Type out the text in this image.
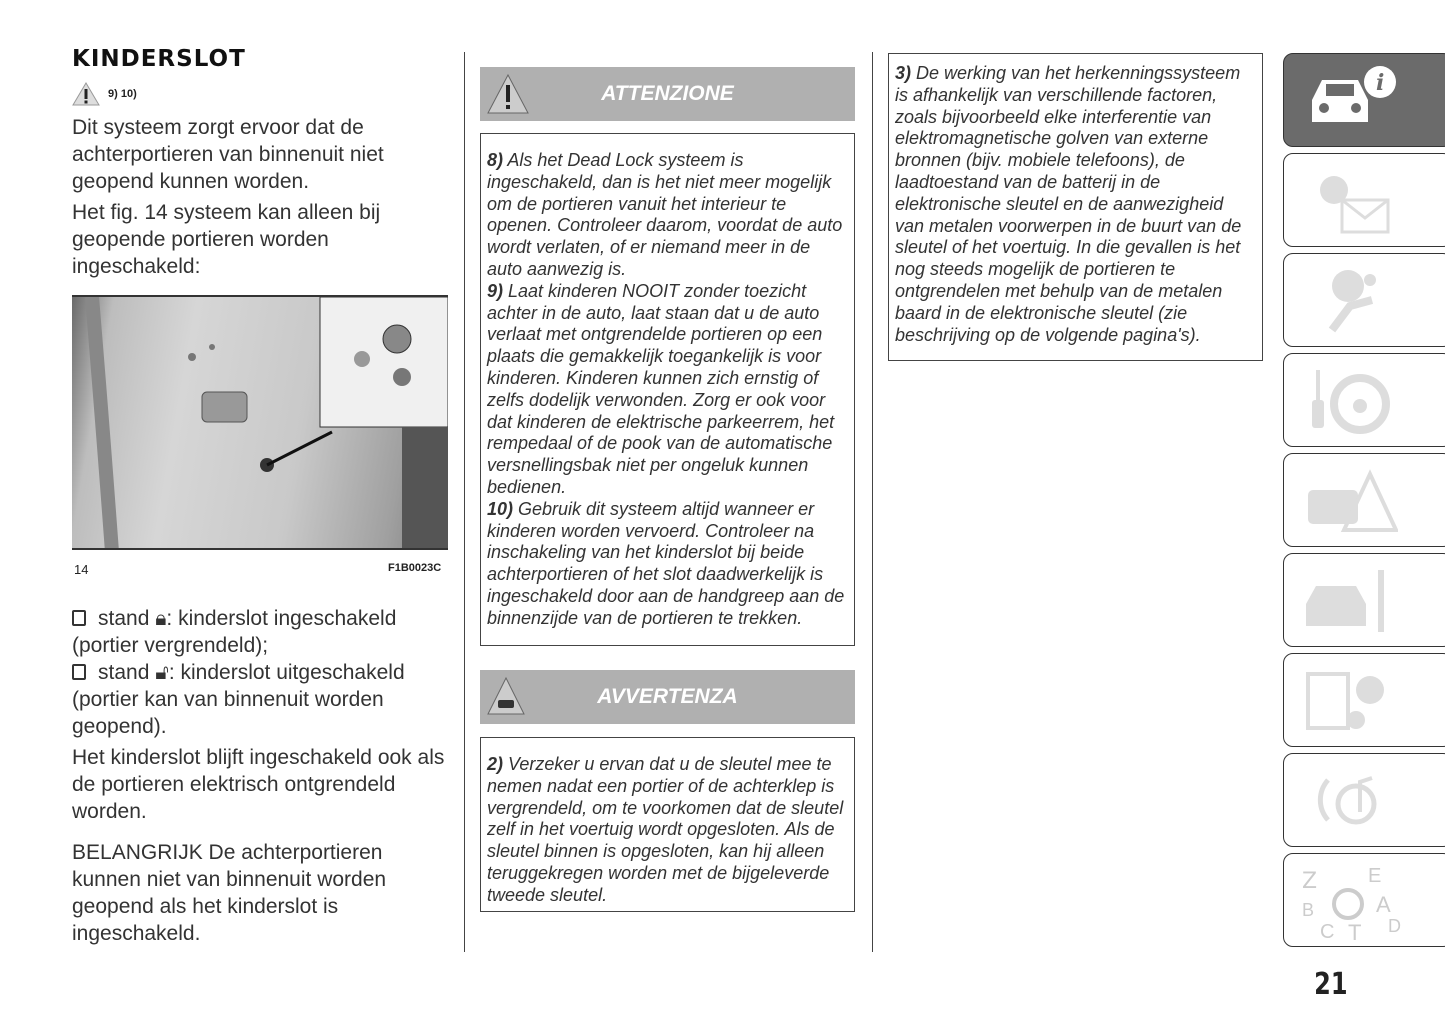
KINDERSLOT
9) 10)
Dit systeem zorgt ervoor dat de achterportieren van binnenuit niet geopend kunnen worden.
Het fig. 14 systeem kan alleen bij geopende portieren worden ingeschakeld:
14	F1B0023C
stand 🔒︎: kinderslot ingeschakeld (portier vergrendeld);
stand 🔓︎: kinderslot uitgeschakeld (portier kan van binnenuit worden geopend).
Het kinderslot blijft ingeschakeld ook als de portieren elektrisch ontgrendeld worden.
BELANGRIJK De achterportieren kunnen niet van binnenuit worden geopend als het kinderslot is ingeschakeld.
ATTENZIONE
8) Als het Dead Lock systeem is ingeschakeld, dan is het niet meer mogelijk om de portieren vanuit het interieur te openen. Controleer daarom, voordat de auto wordt verlaten, of er niemand meer in de auto aanwezig is.
9) Laat kinderen NOOIT zonder toezicht achter in de auto, laat staan dat u de auto verlaat met ontgrendelde portieren op een plaats die gemakkelijk toegankelijk is voor kinderen. Kinderen kunnen zich ernstig of zelfs dodelijk verwonden. Zorg er ook voor dat kinderen de elektrische parkeerrem, het rempedaal of de pook van de automatische versnellingsbak niet per ongeluk kunnen bedienen.
10) Gebruik dit systeem altijd wanneer er kinderen worden vervoerd. Controleer na inschakeling van het kinderslot bij beide achterportieren of het slot daadwerkelijk is ingeschakeld door aan de handgreep aan de binnenzijde van de portieren te trekken.
AVVERTENZA
2) Verzeker u ervan dat u de sleutel mee te nemen nadat een portier of de achterklep is vergrendeld, om te voorkomen dat de sleutel zelf in het voertuig wordt opgesloten. Als de sleutel binnen is opgesloten, kan hij alleen teruggekregen worden met de bijgeleverde tweede sleutel.
3) De werking van het herkenningssysteem is afhankelijk van verschillende factoren, zoals bijvoorbeeld elke interferentie van elektromagnetische golven van externe bronnen (bijv. mobiele telefoons), de laadtoestand van de batterij in de elektronische sleutel en de aanwezigheid van metalen voorwerpen in de buurt van de sleutel of het voertuig. In die gevallen is het nog steeds mogelijk de portieren te ontgrendelen met behulp van de metalen baard in de elektronische sleutel (zie beschrijving op de volgende pagina's).
i
Z	E
B	A
C T D
21
